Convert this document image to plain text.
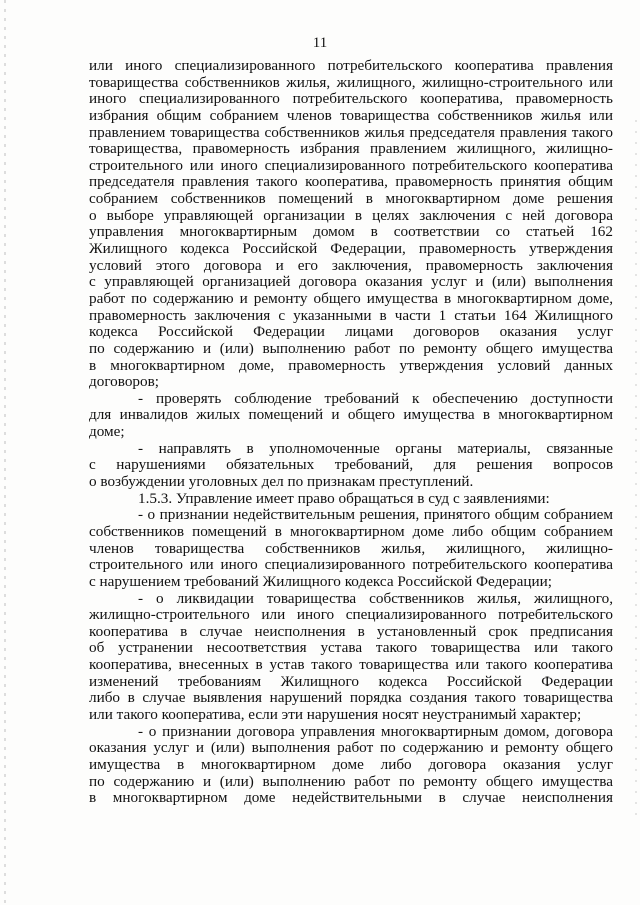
11
или иного специализированного потребительского кооператива правления
товарищества собственников жилья, жилищного, жилищно-строительного или
иного специализированного потребительского кооператива, правомерность
избрания общим собранием членов товарищества собственников жилья или
правлением товарищества собственников жилья председателя правления такого
товарищества, правомерность избрания правлением жилищного, жилищно-
строительного или иного специализированного потребительского кооператива
председателя правления такого кооператива, правомерность принятия общим
собранием собственников помещений в многоквартирном доме решения
о выборе управляющей организации в целях заключения с ней договора
управления многоквартирным домом в соответствии со статьей 162
Жилищного кодекса Российской Федерации, правомерность утверждения
условий этого договора и его заключения, правомерность заключения
с управляющей организацией договора оказания услуг и (или) выполнения
работ по содержанию и ремонту общего имущества в многоквартирном доме,
правомерность заключения с указанными в части 1 статьи 164 Жилищного
кодекса Российской Федерации лицами договоров оказания услуг
по содержанию и (или) выполнению работ по ремонту общего имущества
в многоквартирном доме, правомерность утверждения условий данных
договоров;
- проверять соблюдение требований к обеспечению доступности
для инвалидов жилых помещений и общего имущества в многоквартирном
доме;
- направлять в уполномоченные органы материалы, связанные
с нарушениями обязательных требований, для решения вопросов
о возбуждении уголовных дел по признакам преступлений.
1.5.3. Управление имеет право обращаться в суд с заявлениями:
- о признании недействительным решения, принятого общим собранием
собственников помещений в многоквартирном доме либо общим собранием
членов товарищества собственников жилья, жилищного, жилищно-
строительного или иного специализированного потребительского кооператива
с нарушением требований Жилищного кодекса Российской Федерации;
- о ликвидации товарищества собственников жилья, жилищного,
жилищно-строительного или иного специализированного потребительского
кооператива в случае неисполнения в установленный срок предписания
об устранении несоответствия устава такого товарищества или такого
кооператива, внесенных в устав такого товарищества или такого кооператива
изменений требованиям Жилищного кодекса Российской Федерации
либо в случае выявления нарушений порядка создания такого товарищества
или такого кооператива, если эти нарушения носят неустранимый характер;
- о признании договора управления многоквартирным домом, договора
оказания услуг и (или) выполнения работ по содержанию и ремонту общего
имущества в многоквартирном доме либо договора оказания услуг
по содержанию и (или) выполнению работ по ремонту общего имущества
в многоквартирном доме недействительными в случае неисполнения
